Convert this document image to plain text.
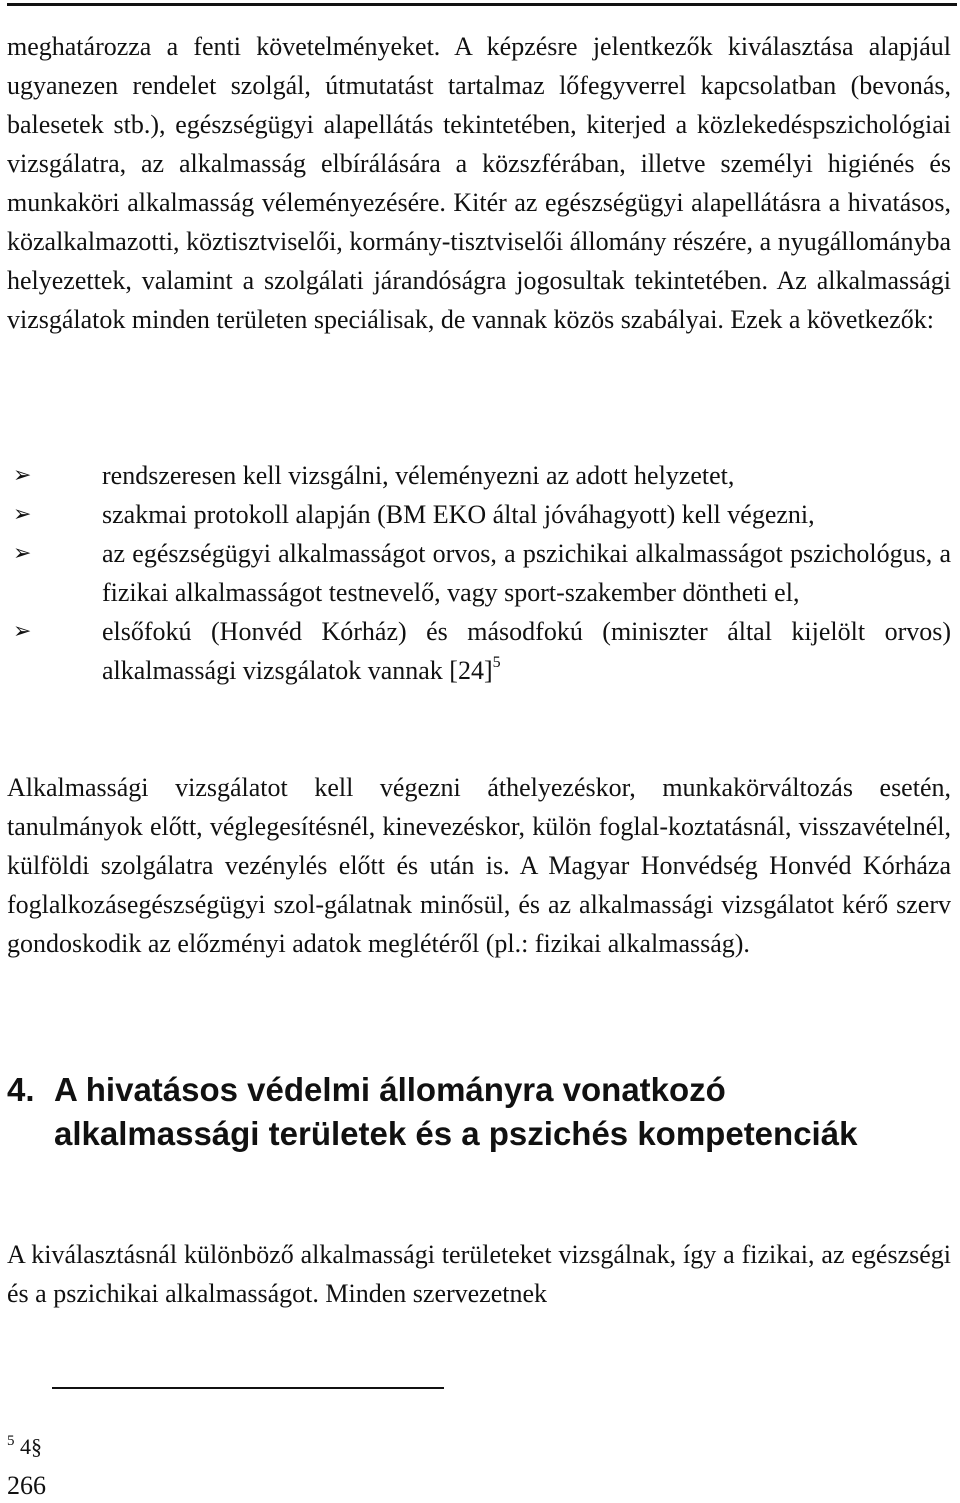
meghatározza a fenti követelményeket. A képzésre jelentkezők kiválasztása alapjául ugyanezen rendelet szolgál, útmutatást tartalmaz lőfegyverrel kapcsolatban (bevonás, balesetek stb.), egészségügyi alapellátás tekintetében, kiterjed a közlekedéspszichológiai vizsgálatra, az alkalmasság elbírálására a közszférában, illetve személyi higiénés és munkaköri alkalmasság véleményezésére. Kitér az egészségügyi alapellátásra a hivatásos, közalkalmazotti, köztisztviselői, kormány-tisztviselői állomány részére, a nyugállományba helyezettek, valamint a szolgálati járandóságra jogosultak tekintetében. Az alkalmassági vizsgálatok minden területen speciálisak, de vannak közös szabályai. Ezek a következők:

➢	rendszeresen kell vizsgálni, véleményezni az adott helyzetet,
➢	szakmai protokoll alapján (BM EKO által jóváhagyott) kell végezni,
➢	az egészségügyi alkalmasságot orvos, a pszichikai alkalmasságot pszichológus, a fizikai alkalmasságot testnevelő, vagy sport-szakember döntheti el,
➢	elsőfokú (Honvéd Kórház) és másodfokú (miniszter által kijelölt orvos) alkalmassági vizsgálatok vannak $[24]^5$

Alkalmassági vizsgálatot kell végezni áthelyezéskor, munkakörváltozás esetén, tanulmányok előtt, véglegesítésnél, kinevezéskor, külön foglal-koztatásnál, visszavételnél, külföldi szolgálatra vezénylés előtt és után is. A Magyar Honvédség Honvéd Kórháza foglalkozásegészségügyi szol-gálatnak minősül, és az alkalmassági vizsgálatot kérő szerv gondoskodik az előzményi adatok meglétéről (pl.: fizikai alkalmasság).

4. A hivatásos védelmi állományra vonatkozó alkalmassági területek és a pszichés kompetenciák

A kiválasztásnál különböző alkalmassági területeket vizsgálnak, így a fizikai, az egészségi és a pszichikai alkalmasságot. Minden szervezetnek

$^5$ 4§
266
